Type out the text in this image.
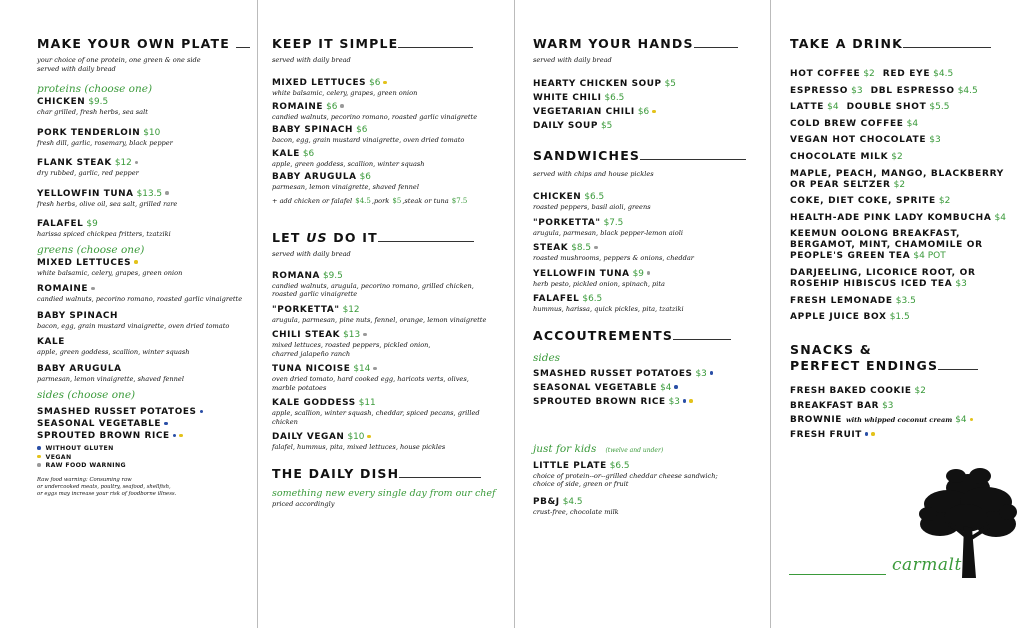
MAKE YOUR OWN PLATE
your choice of one protein, one green & one side
served with daily bread
proteins (choose one)
CHICKEN $9.5
char grilled, fresh herbs, sea salt
PORK TENDERLOIN $10
fresh dill, garlic, rosemary, black pepper
FLANK STEAK $12
dry rubbed, garlic, red pepper
YELLOWFIN TUNA $13.5
fresh herbs, olive oil, sea salt, grilled rare
FALAFEL $9
harissa spiced chickpea fritters, tzatziki
greens (choose one)
MIXED LETTUCES
white balsamic, celery, grapes, green onion
ROMAINE
candied walnuts, pecorino romano, roasted garlic vinaigrette
BABY SPINACH
bacon, egg, grain mustard vinaigrette, oven dried tomato
KALE
apple, green goddess, scallion, winter squash
BABY ARUGULA
parmesan, lemon vinaigrette, shaved fennel
sides (choose one)
SMASHED RUSSET POTATOES
SEASONAL VEGETABLE
SPROUTED BROWN RICE
WITHOUT GLUTEN
VEGAN
RAW FOOD WARNING
Raw food warning: Consuming raw
or undercooked meats, poultry, seafood, shellfish,
or eggs may increase your risk of foodborne illness.
KEEP IT SIMPLE
served with daily bread
MIXED LETTUCES $6
white balsamic, celery, grapes, green onion
ROMAINE $6
candied walnuts, pecorino romano, roasted garlic vinaigrette
BABY SPINACH $6
bacon, egg, grain mustard vinaigrette, oven dried tomato
KALE $6
apple, green goddess, scallion, winter squash
BABY ARUGULA $6
parmesan, lemon vinaigrette, shaved fennel
+ add chicken or falafel $4.5,pork $5,steak or tuna $7.5
LET US DO IT
served with daily bread
ROMANA $9.5
candied walnuts, arugula, pecorino romano, grilled chicken,
roasted garlic vinaigrette
"PORKETTA" $12
arugula, parmesan, pine nuts, fennel, orange, lemon vinaigrette
CHILI STEAK $13
mixed lettuces, roasted peppers, pickled onion,
charred jalapeño ranch
TUNA NICOISE $14
oven dried tomato, hard cooked egg, haricots verts, olives,
marble potatoes
KALE GODDESS $11
apple, scallion, winter squash, cheddar, spiced pecans, grilled chicken
DAILY VEGAN $10
falafel, hummus, pita, mixed lettuces, house pickles
THE DAILY DISH
something new every single day from our chef
priced accordingly
WARM YOUR HANDS
served with daily bread
HEARTY CHICKEN SOUP $5
WHITE CHILI $6.5
VEGETARIAN CHILI $6
DAILY SOUP $5
SANDWICHES
served with chips and house pickles
CHICKEN $6.5
roasted peppers, basil aioli, greens
"PORKETTA" $7.5
arugula, parmesan, black pepper-lemon aioli
STEAK $8.5
roasted mushrooms, peppers & onions, cheddar
YELLOWFIN TUNA $9
herb pesto, pickled onion, spinach, pita
FALAFEL $6.5
hummus, harissa, quick pickles, pita, tzatziki
ACCOUTREMENTS
sides
SMASHED RUSSET POTATOES $3
SEASONAL VEGETABLE $4
SPROUTED BROWN RICE $3
just for kids (twelve and under)
LITTLE PLATE $6.5
choice of protein--or--grilled cheddar cheese sandwich;
choice of side, green or fruit
PB&J $4.5
crust-free, chocolate milk
TAKE A DRINK
HOT COFFEE $2 RED EYE $4.5
ESPRESSO $3 DBL ESPRESSO $4.5
LATTE $4 DOUBLE SHOT $5.5
COLD BREW COFFEE $4
VEGAN HOT CHOCOLATE $3
CHOCOLATE MILK $2
MAPLE, PEACH, MANGO, BLACKBERRY
OR PEAR SELTZER $2
COKE, DIET COKE, SPRITE $2
HEALTH-ADE PINK LADY KOMBUCHA $4
KEEMUN OOLONG BREAKFAST,
BERGAMOT, MINT, CHAMOMILE OR
PEOPLE'S GREEN TEA $4 POT
DARJEELING, LICORICE ROOT, OR
ROSEHIP HIBISCUS ICED TEA $3
FRESH LEMONADE $3.5
APPLE JUICE BOX $1.5
SNACKS &
PERFECT ENDINGS
FRESH BAKED COOKIE $2
BREAKFAST BAR $3
BROWNIE with whipped coconut cream $4
FRESH FRUIT
carmalt
